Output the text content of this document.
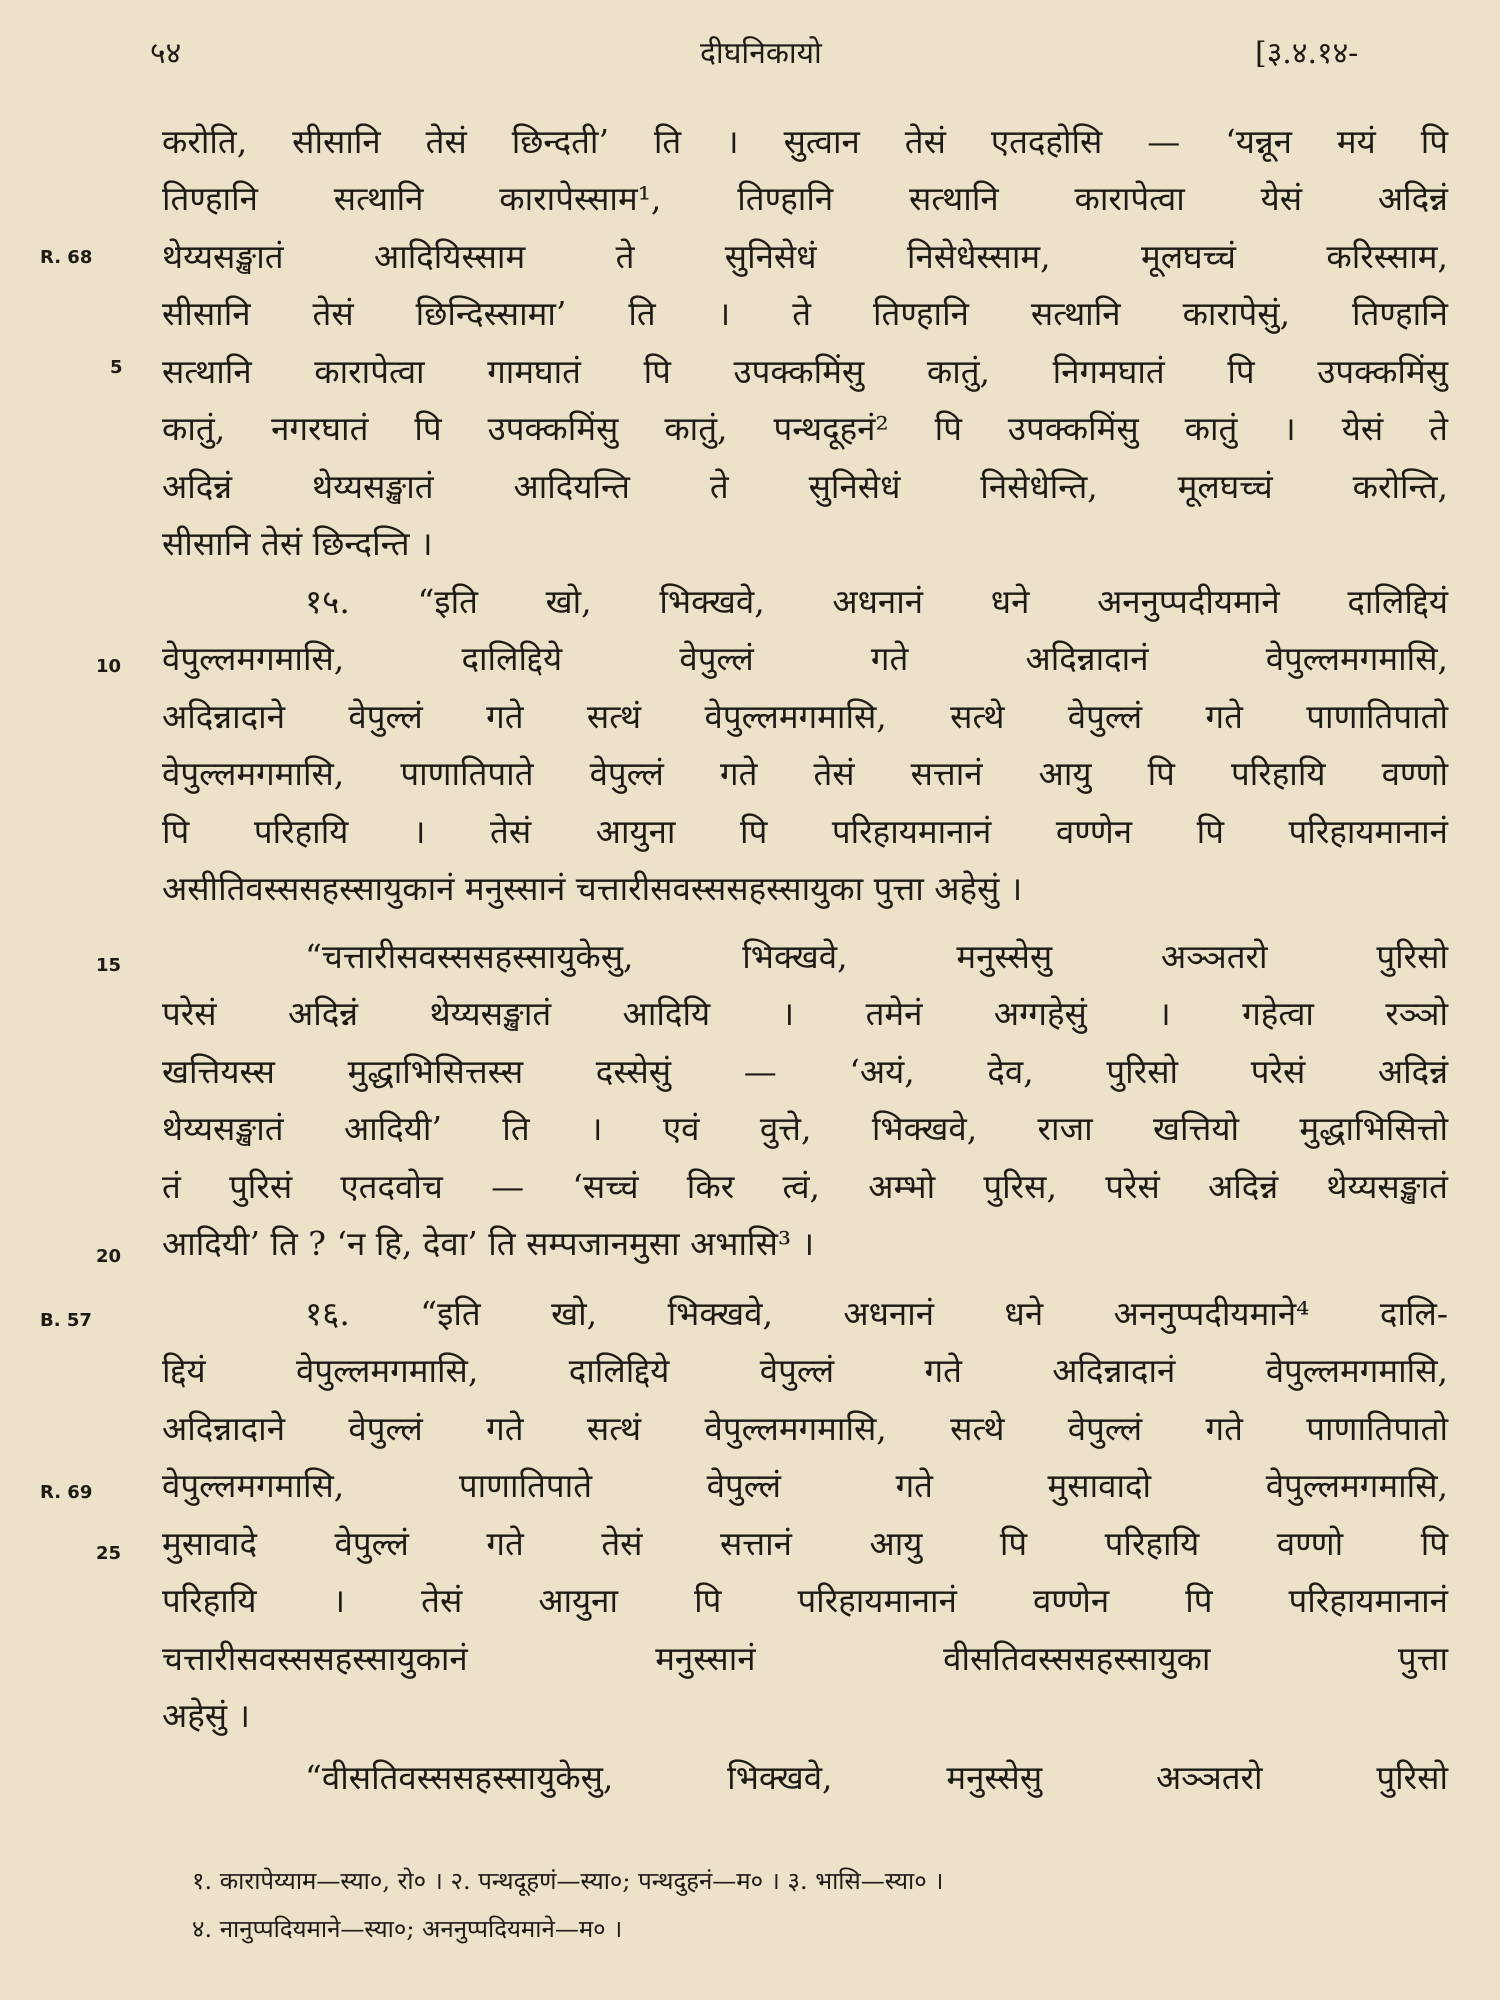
५४	दीघनिकायो	[३.४.१४-
R. 68
5
10
15
20
B. 57
R. 69
25
करोति, सीसानि तेसं छिन्दती’ ति । सुत्वान तेसं एतदहोसि — ‘यन्नून मयं पि
तिण्हानि सत्थानि कारापेस्साम¹, तिण्हानि सत्थानि कारापेत्वा येसं अदिन्नं
थेय्यसङ्खातं आदियिस्साम ते सुनिसेधं निसेधेस्साम, मूलघच्चं करिस्साम,
सीसानि तेसं छिन्दिस्सामा’ ति । ते तिण्हानि सत्थानि कारापेसुं, तिण्हानि
सत्थानि कारापेत्वा गामघातं पि उपक्कमिंसु कातुं, निगमघातं पि उपक्कमिंसु
कातुं, नगरघातं पि उपक्कमिंसु कातुं, पन्थदूहनं² पि उपक्कमिंसु कातुं । येसं ते
अदिन्नं थेय्यसङ्खातं आदियन्ति ते सुनिसेधं निसेधेन्ति, मूलघच्चं करोन्ति,
सीसानि तेसं छिन्दन्ति ।
१५. “इति खो, भिक्खवे, अधनानं धने अननुप्पदीयमाने दालिद्दियं
वेपुल्लमगमासि, दालिद्दिये वेपुल्लं गते अदिन्नादानं वेपुल्लमगमासि,
अदिन्नादाने वेपुल्लं गते सत्थं वेपुल्लमगमासि, सत्थे वेपुल्लं गते पाणातिपातो
वेपुल्लमगमासि, पाणातिपाते वेपुल्लं गते तेसं सत्तानं आयु पि परिहायि वण्णो
पि परिहायि । तेसं आयुना पि परिहायमानानं वण्णेन पि परिहायमानानं
असीतिवस्ससहस्सायुकानं मनुस्सानं चत्तारीसवस्ससहस्सायुका पुत्ता अहेसुं ।
“चत्तारीसवस्ससहस्सायुकेसु, भिक्खवे, मनुस्सेसु अञ्ञतरो पुरिसो
परेसं अदिन्नं थेय्यसङ्खातं आदियि । तमेनं अग्गहेसुं । गहेत्वा रञ्ञो
खत्तियस्स मुद्धाभिसित्तस्स दस्सेसुं — ‘अयं, देव, पुरिसो परेसं अदिन्नं
थेय्यसङ्खातं आदियी’ ति । एवं वुत्ते, भिक्खवे, राजा खत्तियो मुद्धाभिसित्तो
तं पुरिसं एतदवोच — ‘सच्चं किर त्वं, अम्भो पुरिस, परेसं अदिन्नं थेय्यसङ्खातं
आदियी’ ति ? ‘न हि, देवा’ ति सम्पजानमुसा अभासि³ ।
१६. “इति खो, भिक्खवे, अधनानं धने अननुप्पदीयमाने⁴ दालि-
द्दियं वेपुल्लमगमासि, दालिद्दिये वेपुल्लं गते अदिन्नादानं वेपुल्लमगमासि,
अदिन्नादाने वेपुल्लं गते सत्थं वेपुल्लमगमासि, सत्थे वेपुल्लं गते पाणातिपातो
वेपुल्लमगमासि, पाणातिपाते वेपुल्लं गते मुसावादो वेपुल्लमगमासि,
मुसावादे वेपुल्लं गते तेसं सत्तानं आयु पि परिहायि वण्णो पि
परिहायि । तेसं आयुना पि परिहायमानानं वण्णेन पि परिहायमानानं
चत्तारीसवस्ससहस्सायुकानं मनुस्सानं वीसतिवस्ससहस्सायुका पुत्ता
अहेसुं ।
“वीसतिवस्ससहस्सायुकेसु, भिक्खवे, मनुस्सेसु अञ्ञतरो पुरिसो
१. कारापेय्याम—स्या०, रो० । २. पन्थदूहणं—स्या०; पन्थदुहनं—म० । ३. भासि—स्या० ।
४. नानुप्पदियमाने—स्या०; अननुप्पदियमाने—म० ।
